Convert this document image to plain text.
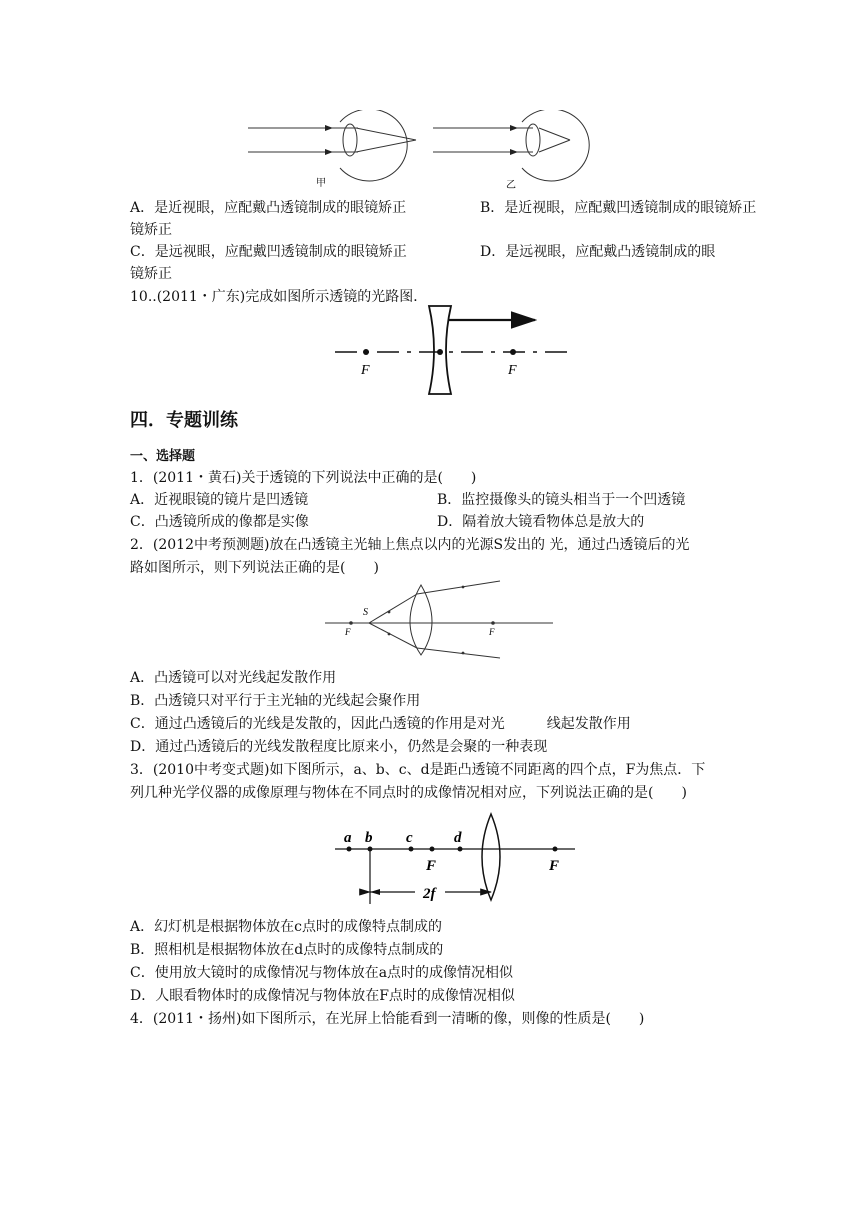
甲	乙
A．是近视眼，应配戴凸透镜制成的眼镜矫正	B．是近视眼，应配戴凹透镜制成的眼镜矫正
镜矫正
C．是远视眼，应配戴凹透镜制成的眼镜矫正	D．是远视眼，应配戴凸透镜制成的眼
镜矫正
10..(2011・广东)完成如图所示透镜的光路图．
F	F
四．专题训练
一、选择题
1．(2011・黄石)关于透镜的下列说法中正确的是(　　)
A．近视眼镜的镜片是凹透镜	B．监控摄像头的镜头相当于一个凹透镜
C．凸透镜所成的像都是实像	D．隔着放大镜看物体总是放大的
2．(2012中考预测题)放在凸透镜主光轴上焦点以内的光源S发出的 光，通过凸透镜后的光
路如图所示，则下列说法正确的是(　　)
S
F	F
A．凸透镜可以对光线起发散作用
B．凸透镜只对平行于主光轴的光线起会聚作用
C．通过凸透镜后的光线是发散的，因此凸透镜的作用是对光　　　线起发散作用
D．通过凸透镜后的光线发散程度比原来小，仍然是会聚的一种表现
3．(2010中考变式题)如下图所示，a、b、c、d是距凸透镜不同距离的四个点，F为焦点．下
列几种光学仪器的成像原理与物体在不同点时的成像情况相对应，下列说法正确的是(　　)
a b c	d
F	F
2f
A．幻灯机是根据物体放在c点时的成像特点制成的
B．照相机是根据物体放在d点时的成像特点制成的
C．使用放大镜时的成像情况与物体放在a点时的成像情况相似
D．人眼看物体时的成像情况与物体放在F点时的成像情况相似
4．(2011・扬州)如下图所示，在光屏上恰能看到一清晰的像，则像的性质是(　　)
